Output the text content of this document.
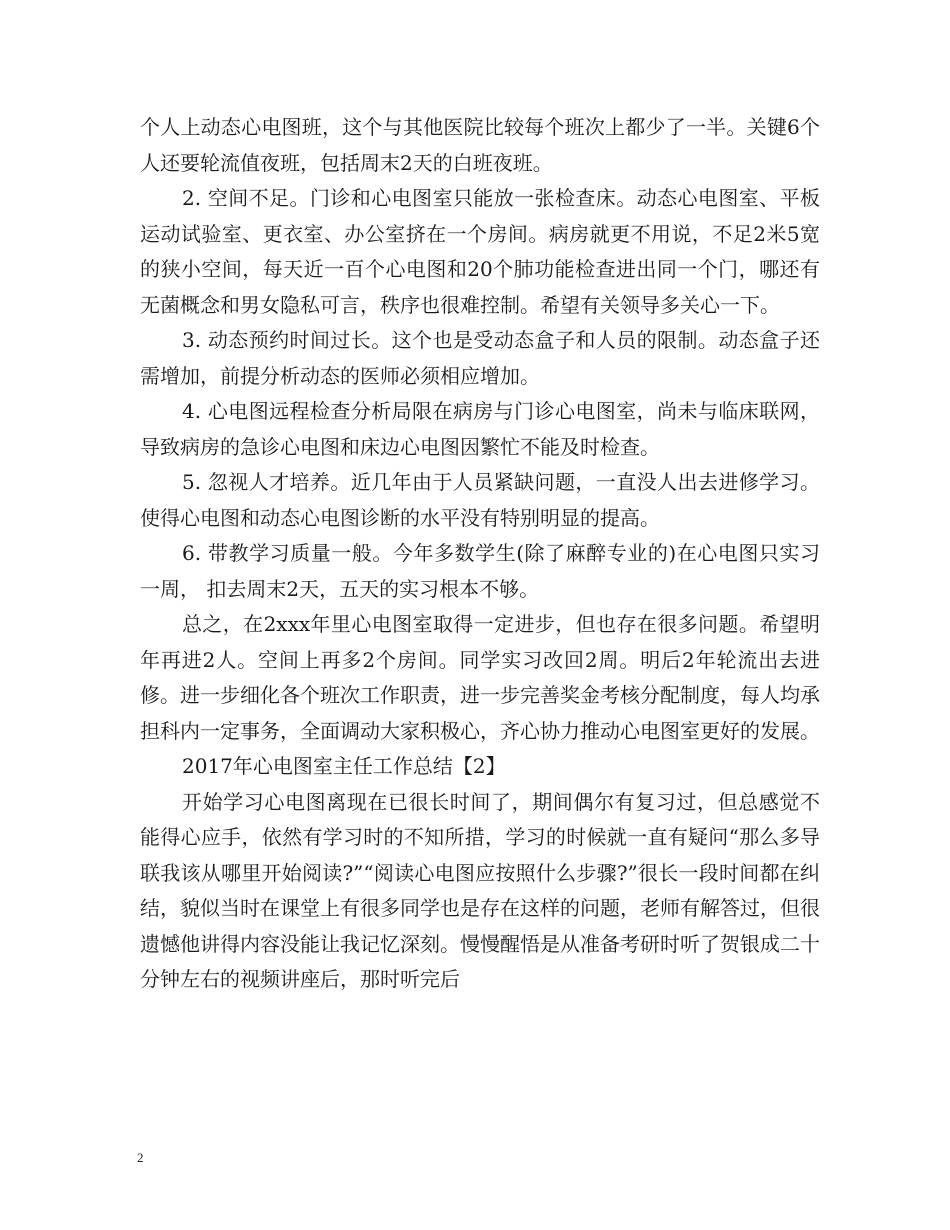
个人上动态心电图班，这个与其他医院比较每个班次上都少了一半。关键6个人还要轮流值夜班，包括周末2天的白班夜班。

2. 空间不足。门诊和心电图室只能放一张检查床。动态心电图室、平板运动试验室、更衣室、办公室挤在一个房间。病房就更不用说，不足2米5宽的狭小空间，每天近一百个心电图和20个肺功能检查进出同一个门，哪还有无菌概念和男女隐私可言，秩序也很难控制。希望有关领导多关心一下。

3. 动态预约时间过长。这个也是受动态盒子和人员的限制。动态盒子还需增加，前提分析动态的医师必须相应增加。

4. 心电图远程检查分析局限在病房与门诊心电图室，尚未与临床联网，导致病房的急诊心电图和床边心电图因繁忙不能及时检查。

5. 忽视人才培养。近几年由于人员紧缺问题，一直没人出去进修学习。使得心电图和动态心电图诊断的水平没有特别明显的提高。

6. 带教学习质量一般。今年多数学生(除了麻醉专业的)在心电图只实习一周， 扣去周末2天，五天的实习根本不够。

总之，在2xxx年里心电图室取得一定进步，但也存在很多问题。希望明年再进2人。空间上再多2个房间。同学实习改回2周。明后2年轮流出去进修。进一步细化各个班次工作职责，进一步完善奖金考核分配制度，每人均承担科内一定事务，全面调动大家积极心，齐心协力推动心电图室更好的发展。

2017年心电图室主任工作总结【2】

开始学习心电图离现在已很长时间了，期间偶尔有复习过，但总感觉不能得心应手，依然有学习时的不知所措，学习的时候就一直有疑问“那么多导联我该从哪里开始阅读?”“阅读心电图应按照什么步骤?”很长一段时间都在纠结，貌似当时在课堂上有很多同学也是存在这样的问题，老师有解答过，但很遗憾他讲得内容没能让我记忆深刻。慢慢醒悟是从准备考研时听了贺银成二十分钟左右的视频讲座后，那时听完后

2
